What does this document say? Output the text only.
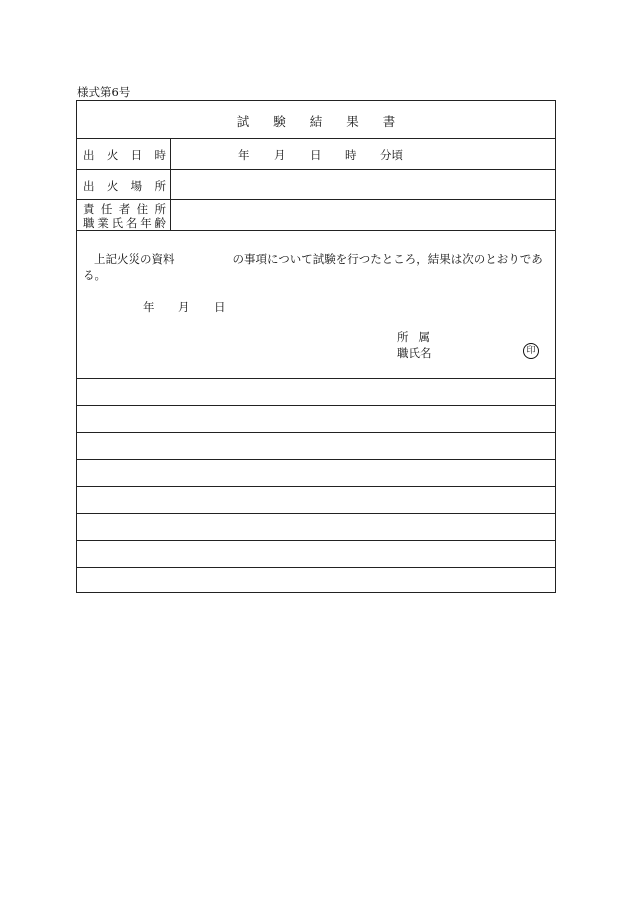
様式第6号
試験結果書
出 火 日 時	年 月 日 時 分頃
出 火 場 所
責 任 者 住 所
職 業 氏 名 年 齢
上記火災の資料	の事項について試験を行つたところ，結果は次のとおりであ
る。
年 月 日
所属
職氏名	印
